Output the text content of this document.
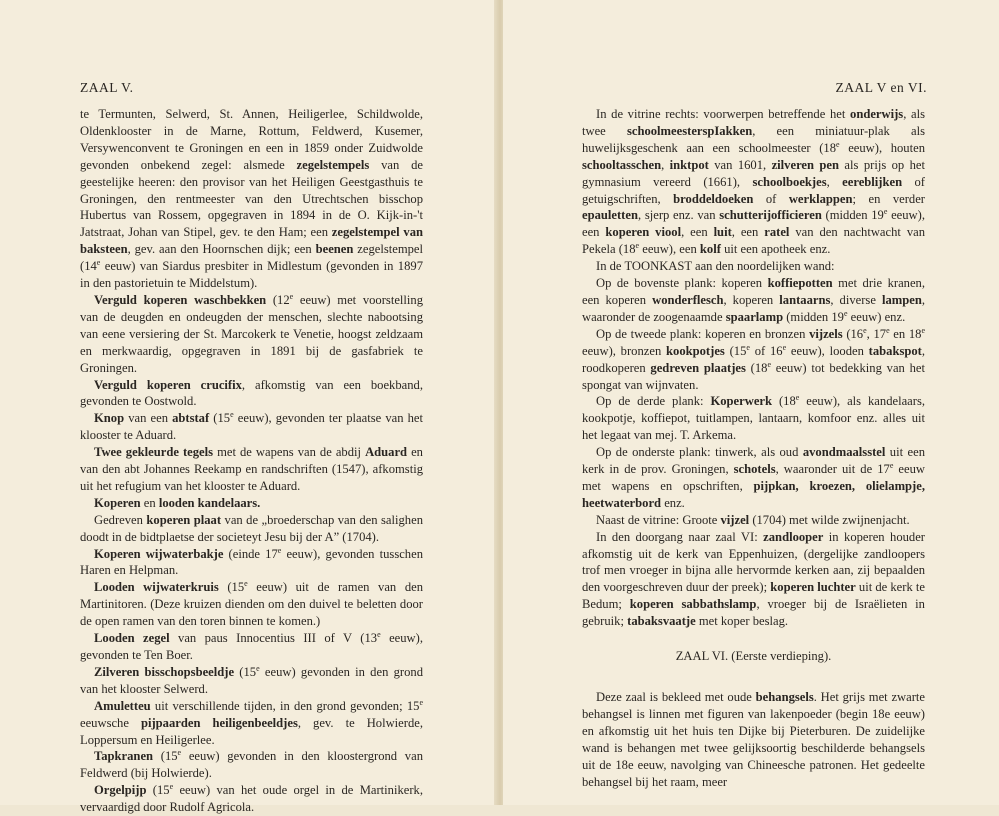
ZAAL V.

te Termunten, Selwerd, St. Annen, Heiligerlee, Schildwolde, Oldenklooster in de Marne, Rottum, Feldwerd, Kusemer, Versywenconvent te Groningen en een in 1859 onder Zuidwolde gevonden onbekend zegel: alsmede zegelstempels van de geestelijke heeren: den provisor van het Heiligen Geestgasthuis te Groningen, den rentmeester van den Utrechtschen bisschop Hubertus van Rossem, opgegraven in 1894 in de O. Kijk-in-'t Jatstraat, Johan van Stipel, gev. te den Ham; een zegelstempel van baksteen, gev. aan den Hoornschen dijk; een beenen zegelstempel (14e eeuw) van Siardus presbiter in Midlestum (gevonden in 1897 in den pastorietuin te Middelstum).

Verguld koperen waschbekken (12e eeuw) met voorstelling van de deugden en ondeugden der menschen, slechte nabootsing van eene versiering der St. Marcokerk te Venetie, hoogst zeldzaam en merkwaardig, opgegraven in 1891 bij de gasfabriek te Groningen.

Verguld koperen crucifix, afkomstig van een boekband, gevonden te Oostwold.

Knop van een abtstaf (15e eeuw), gevonden ter plaatse van het klooster te Aduard.

Twee gekleurde tegels met de wapens van de abdij Aduard en van den abt Johannes Reekamp en randschriften (1547), afkomstig uit het refugium van het klooster te Aduard.

Koperen en looden kandelaars.

Gedreven koperen plaat van de „broederschap van den salighen doodt in de bidtplaetse der societeyt Jesu bij der A” (1704).

Koperen wijwaterbakje (einde 17e eeuw), gevonden tusschen Haren en Helpman.

Looden wijwaterkruis (15e eeuw) uit de ramen van den Martinitoren. (Deze kruizen dienden om den duivel te beletten door de open ramen van den toren binnen te komen.)

Looden zegel van paus Innocentius III of V (13e eeuw), gevonden te Ten Boer.

Zilveren bisschopsbeeldje (15e eeuw) gevonden in den grond van het klooster Selwerd.

Amuletteu uit verschillende tijden, in den grond gevonden; 15e eeuwsche pijpaarden heiligenbeeldjes, gev. te Holwierde, Loppersum en Heiligerlee.

Tapkranen (15e eeuw) gevonden in den kloostergrond van Feldwerd (bij Holwierde).

Orgelpijp (15e eeuw) van het oude orgel in de Martinikerk, vervaardigd door Rudolf Agricola.

ZAAL V en VI.

In de vitrine rechts: voorwerpen betreffende het onderwijs, als twee schoolmeesterspIakken, een miniatuur-plak als huwelijksgeschenk aan een schoolmeester (18e eeuw), houten schooltasschen, inktpot van 1601, zilveren pen als prijs op het gymnasium vereerd (1661), schoolboekjes, eereblijken of getuigschriften, broddeldoeken of werklappen; en verder epauletten, sjerp enz. van schutterijofficieren (midden 19e eeuw), een koperen viool, een luit, een ratel van den nachtwacht van Pekela (18e eeuw), een kolf uit een apotheek enz.

In de TOONKAST aan den noordelijken wand:

Op de bovenste plank: koperen koffiepotten met drie kranen, een koperen wonderflesch, koperen lantaarns, diverse lampen, waaronder de zoogenaamde spaarlamp (midden 19e eeuw) enz.

Op de tweede plank: koperen en bronzen vijzels (16e, 17e en 18e eeuw), bronzen kookpotjes (15e of 16e eeuw), looden tabakspot, roodkoperen gedreven plaatjes (18e eeuw) tot bedekking van het spongat van wijnvaten.

Op de derde plank: Koperwerk (18e eeuw), als kandelaars, kookpotje, koffiepot, tuitlampen, lantaarn, komfoor enz. alles uit het legaat van mej. T. Arkema.

Op de onderste plank: tinwerk, als oud avondmaalsstel uit een kerk in de prov. Groningen, schotels, waaronder uit de 17e eeuw met wapens en opschriften, pijpkan, kroezen, olielampje, heetwaterbord enz.

Naast de vitrine: Groote vijzel (1704) met wilde zwijnenjacht.

In den doorgang naar zaal VI: zandlooper in koperen houder afkomstig uit de kerk van Eppenhuizen, (dergelijke zandloopers trof men vroeger in bijna alle hervormde kerken aan, zij bepaalden den voorgeschreven duur der preek); koperen luchter uit de kerk te Bedum; koperen sabbathslamp, vroeger bij de Israëlieten in gebruik; tabaksvaatje met koper beslag.

ZAAL VI. (Eerste verdieping).

Deze zaal is bekleed met oude behangsels. Het grijs met zwarte behangsel is linnen met figuren van lakenpoeder (begin 18e eeuw) en afkomstig uit het huis ten Dijke bij Pieterburen. De zuidelijke wand is behangen met twee gelijksoortig beschilderde behangsels uit de 18e eeuw, navolging van Chineesche patronen. Het gedeelte behangsel bij het raam, meer
